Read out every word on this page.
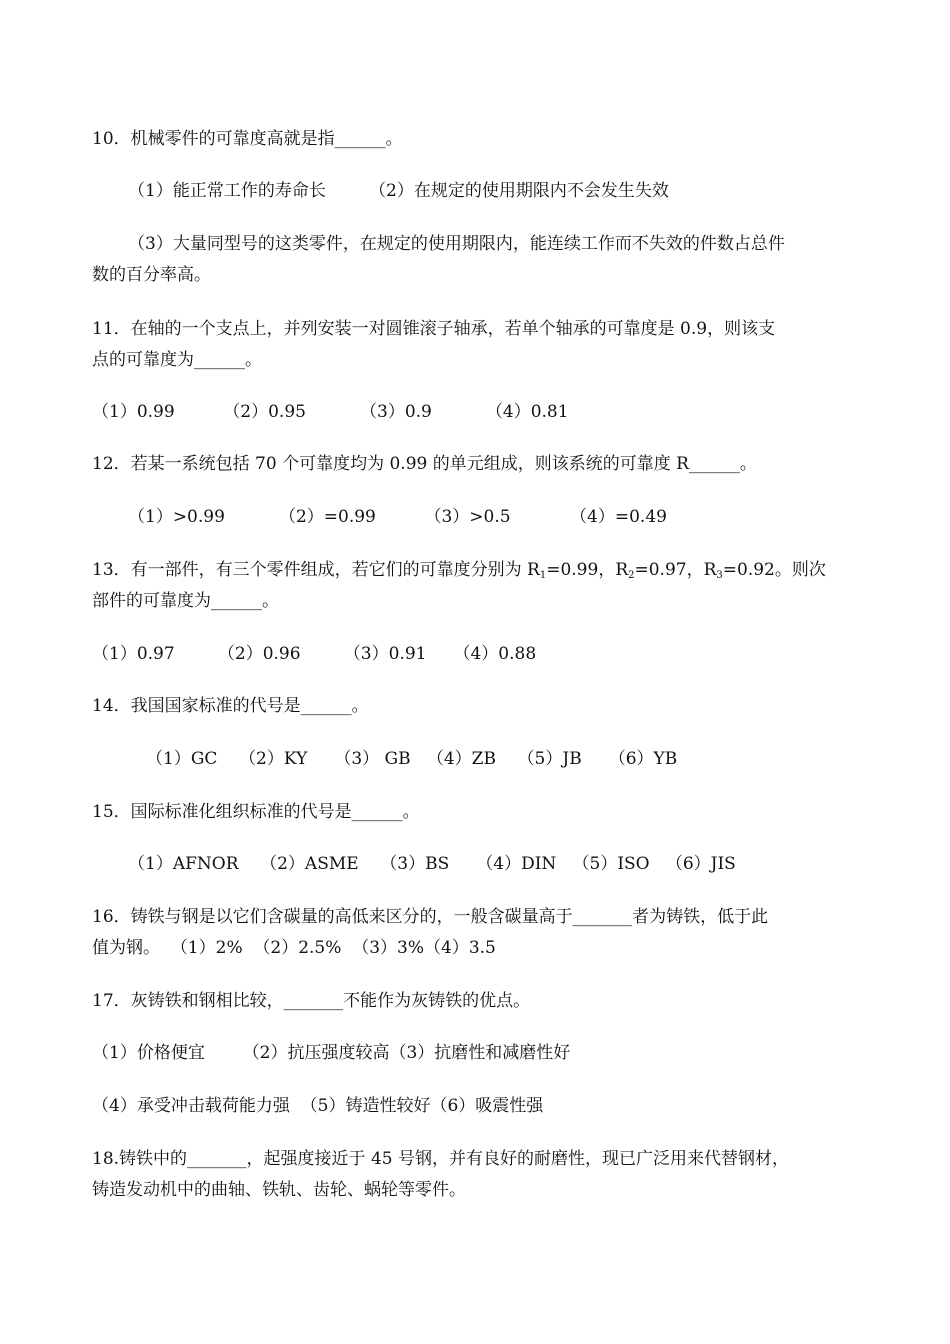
10．机械零件的可靠度高就是指______。

（1）能正常工作的寿命长        （2）在规定的使用期限内不会发生失效

（3）大量同型号的这类零件，在规定的使用期限内，能连续工作而不失效的件数占总件

数的百分率高。

11．在轴的一个支点上，并列安装一对圆锥滚子轴承，若单个轴承的可靠度是 0.9，则该支

点的可靠度为______。

（1）0.99         （2）0.95          （3）0.9          （4）0.81

12．若某一系统包括 70 个可靠度均为 0.99 的单元组成，则该系统的可靠度 R______。

（1）>0.99          （2）=0.99         （3）>0.5           （4）=0.49

13．有一部件，有三个零件组成，若它们的可靠度分别为 $R_1=0.99$，$R_2=0.97$，$R_3=0.92$。则次

部件的可靠度为______。

（1）0.97        （2）0.96        （3）0.91     （4）0.88

14．我国国家标准的代号是______。

（1）GC    （2）KY     （3） GB   （4）ZB    （5）JB     （6）YB

15．国际标准化组织标准的代号是______。

（1）AFNOR    （2）ASME    （3）BS     （4）DIN   （5）ISO   （6）JIS

16．铸铁与钢是以它们含碳量的高低来区分的，一般含碳量高于_______者为铸铁，低于此

值为钢。  （1）2%  （2）2.5%  （3）3%（4）3.5

17．灰铸铁和钢相比较，_______不能作为灰铸铁的优点。

（1）价格便宜       （2）抗压强度较高（3）抗磨性和减磨性好

（4）承受冲击载荷能力强  （5）铸造性较好（6）吸震性强

18.铸铁中的_______，起强度接近于 45 号钢，并有良好的耐磨性，现已广泛用来代替钢材，

铸造发动机中的曲轴、铁轨、齿轮、蜗轮等零件。
